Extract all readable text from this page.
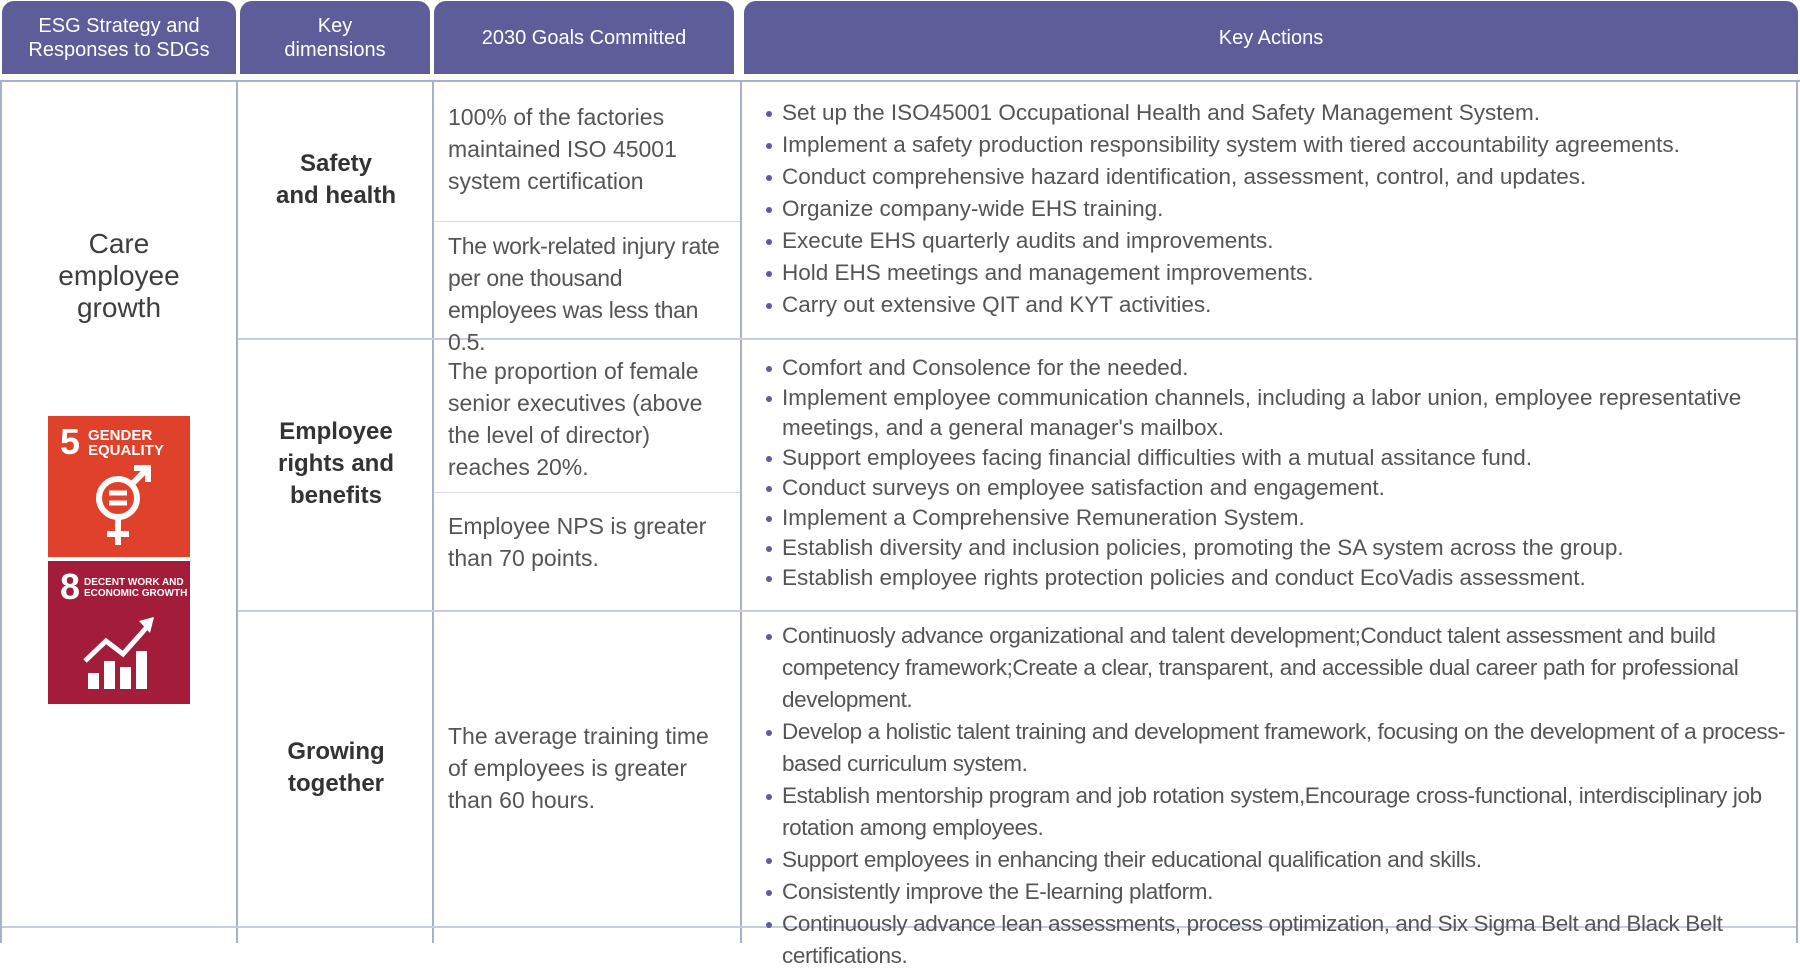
ESG Strategy and
Responses to SDGs
Key
dimensions
2030 Goals Committed	Key Actions
Care
employee
growth
5 GENDER
EQUALITY
8 DECENT WORK AND
ECONOMIC GROWTH
Safety
and health
100% of the factories maintained ISO 45001 system certification
The work-related injury rate per one thousand employees was less than 0.5.
Set up the ISO45001 Occupational Health and Safety Management System.
Implement a safety production responsibility system with tiered accountability agreements.
Conduct comprehensive hazard identification, assessment, control, and updates.
Organize company-wide EHS training.
Execute EHS quarterly audits and improvements.
Hold EHS meetings and management improvements.
Carry out extensive QIT and KYT activities.
Employee
rights and
benefits
The proportion of female senior executives (above the level of director) reaches 20%.
Employee NPS is greater than 70 points.
Comfort and Consolence for the needed.
Implement employee communication channels, including a labor union, employee representative meetings, and a general manager's mailbox.
Support employees facing financial difficulties with a mutual assitance fund.
Conduct surveys on employee satisfaction and engagement.
Implement a Comprehensive Remuneration System.
Establish diversity and inclusion policies, promoting the SA system across the group.
Establish employee rights protection policies and conduct EcoVadis assessment.
Growing
together
The average training time of employees is greater than 60 hours.
Continuosly advance organizational and talent development;Conduct talent assessment and build competency framework;Create a clear, transparent, and accessible dual career path for professional development.
Develop a holistic talent training and development framework, focusing on the development of a process-based curriculum system.
Establish mentorship program and job rotation system,Encourage cross-functional, interdisciplinary job rotation among employees.
Support employees in enhancing their educational qualification and skills.
Consistently improve the E-learning platform.
Continuously advance lean assessments, process optimization, and Six Sigma Belt and Black Belt certifications.
